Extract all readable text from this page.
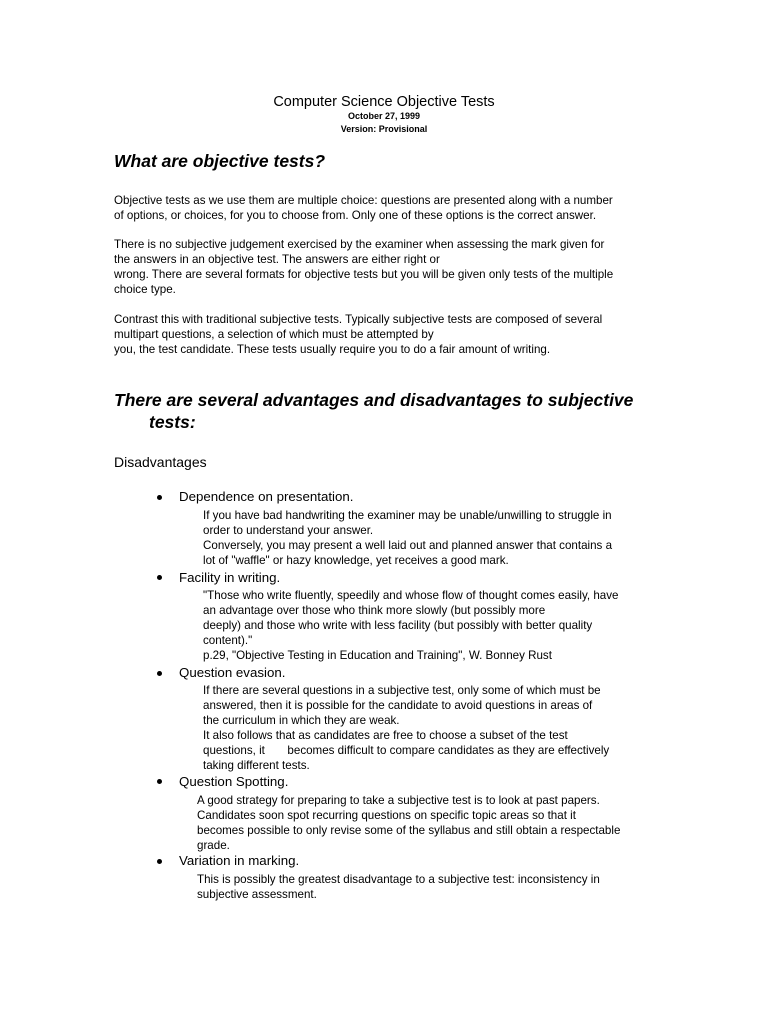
Computer Science Objective Tests
October 27, 1999
Version: Provisional
What are objective tests?
Objective tests as we use them are multiple choice: questions are presented along with a number
of options, or choices, for you to choose from. Only one of these options is the correct answer.
There is no subjective judgement exercised by the examiner when assessing the mark given for
the answers in an objective test. The answers are either right or
wrong. There are several formats for objective tests but you will be given only tests of the multiple
choice type.
Contrast this with traditional subjective tests. Typically subjective tests are composed of several
multipart questions, a selection of which must be attempted by
you, the test candidate. These tests usually require you to do a fair amount of writing.
There are several advantages and disadvantages to subjective
tests:
Disadvantages
Dependence on presentation.
If you have bad handwriting the examiner may be unable/unwilling to struggle in
order to understand your answer.
Conversely, you may present a well laid out and planned answer that contains a
lot of "waffle" or hazy knowledge, yet receives a good mark.
Facility in writing.
"Those who write fluently, speedily and whose flow of thought comes easily, have
an advantage over those who think more slowly (but possibly more
deeply) and those who write with less facility (but possibly with better quality
content)."
p.29, "Objective Testing in Education and Training", W. Bonney Rust
Question evasion.
If there are several questions in a subjective test, only some of which must be
answered, then it is possible for the candidate to avoid questions in areas of
the curriculum in which they are weak.
It also follows that as candidates are free to choose a subset of the test
questions, it       becomes difficult to compare candidates as they are effectively
taking different tests.
Question Spotting.
A good strategy for preparing to take a subjective test is to look at past papers.
Candidates soon spot recurring questions on specific topic areas so that it
becomes possible to only revise some of the syllabus and still obtain a respectable
grade.
Variation in marking.
This is possibly the greatest disadvantage to a subjective test: inconsistency in
subjective assessment.
